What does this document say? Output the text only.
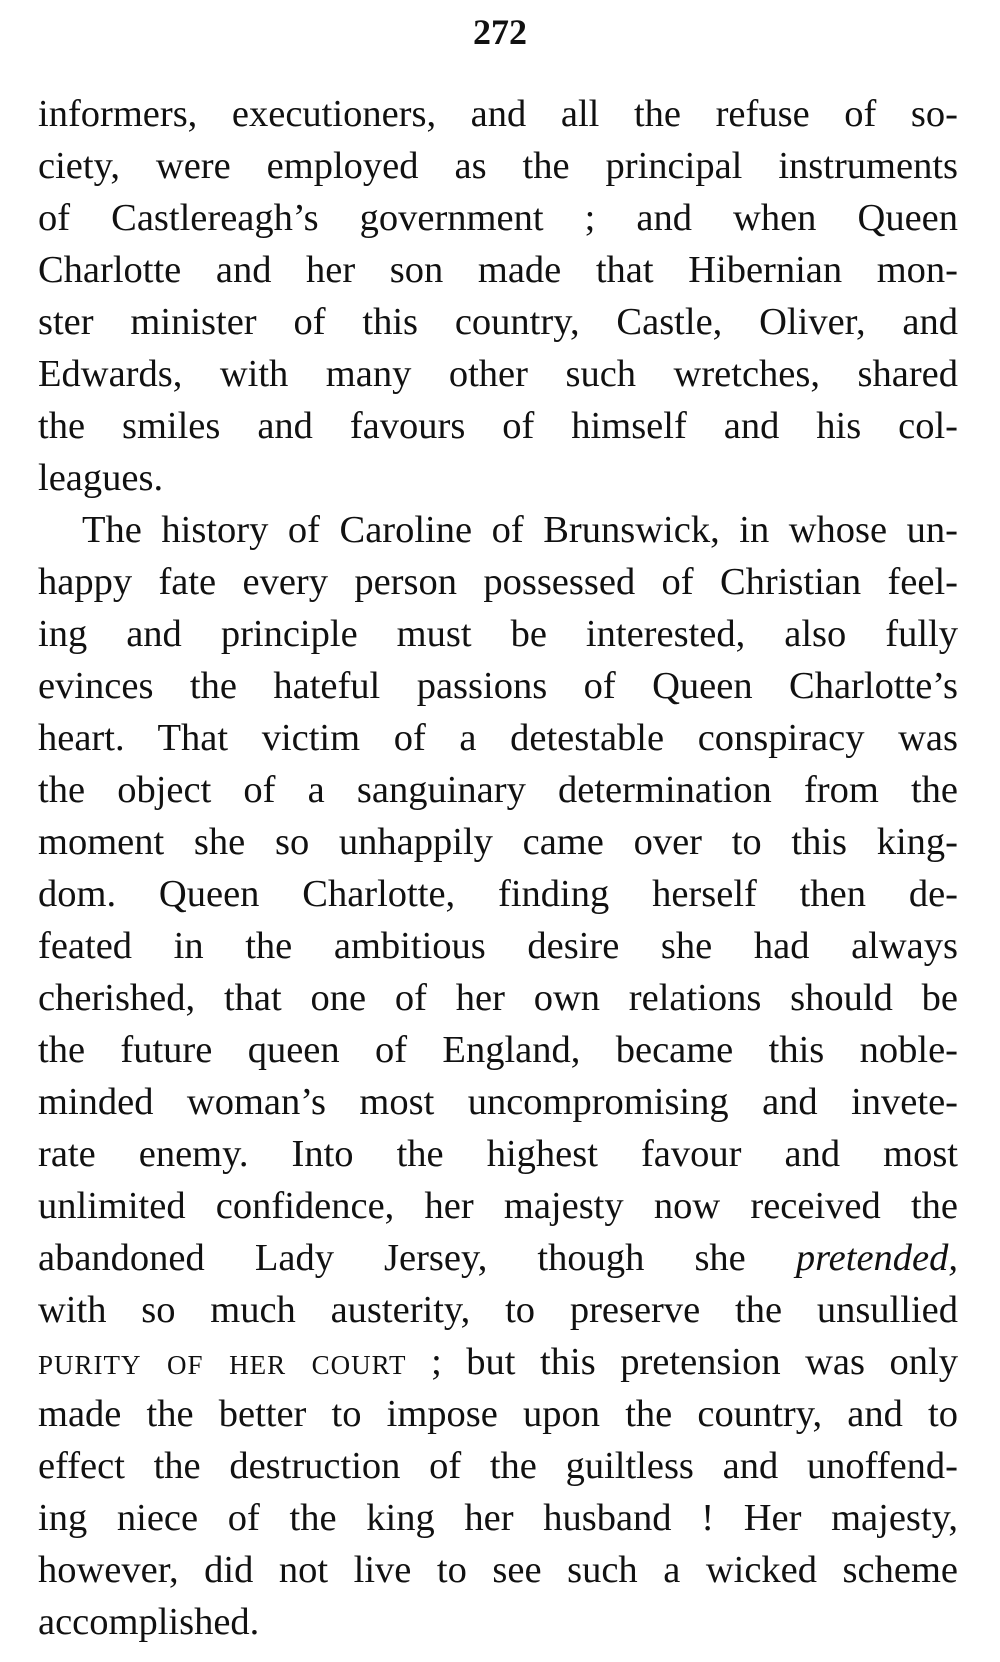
272
informers, executioners, and all the refuse of so-
ciety, were employed as the principal instruments
of Castlereagh’s government ; and when Queen
Charlotte and her son made that Hibernian mon-
ster minister of this country, Castle, Oliver, and
Edwards, with many other such wretches, shared
the smiles and favours of himself and his col-
leagues.
The history of Caroline of Brunswick, in whose un-
happy fate every person possessed of Christian feel-
ing and principle must be interested, also fully
evinces the hateful passions of Queen Charlotte’s
heart. That victim of a detestable conspiracy was
the object of a sanguinary determination from the
moment she so unhappily came over to this king-
dom. Queen Charlotte, finding herself then de-
feated in the ambitious desire she had always
cherished, that one of her own relations should be
the future queen of England, became this noble-
minded woman’s most uncompromising and invete-
rate enemy. Into the highest favour and most
unlimited confidence, her majesty now received the
abandoned Lady Jersey, though she pretended,
with so much austerity, to preserve the unsullied
purity of her court ; but this pretension was only
made the better to impose upon the country, and to
effect the destruction of the guiltless and unoffend-
ing niece of the king her husband ! Her majesty,
however, did not live to see such a wicked scheme
accomplished.
